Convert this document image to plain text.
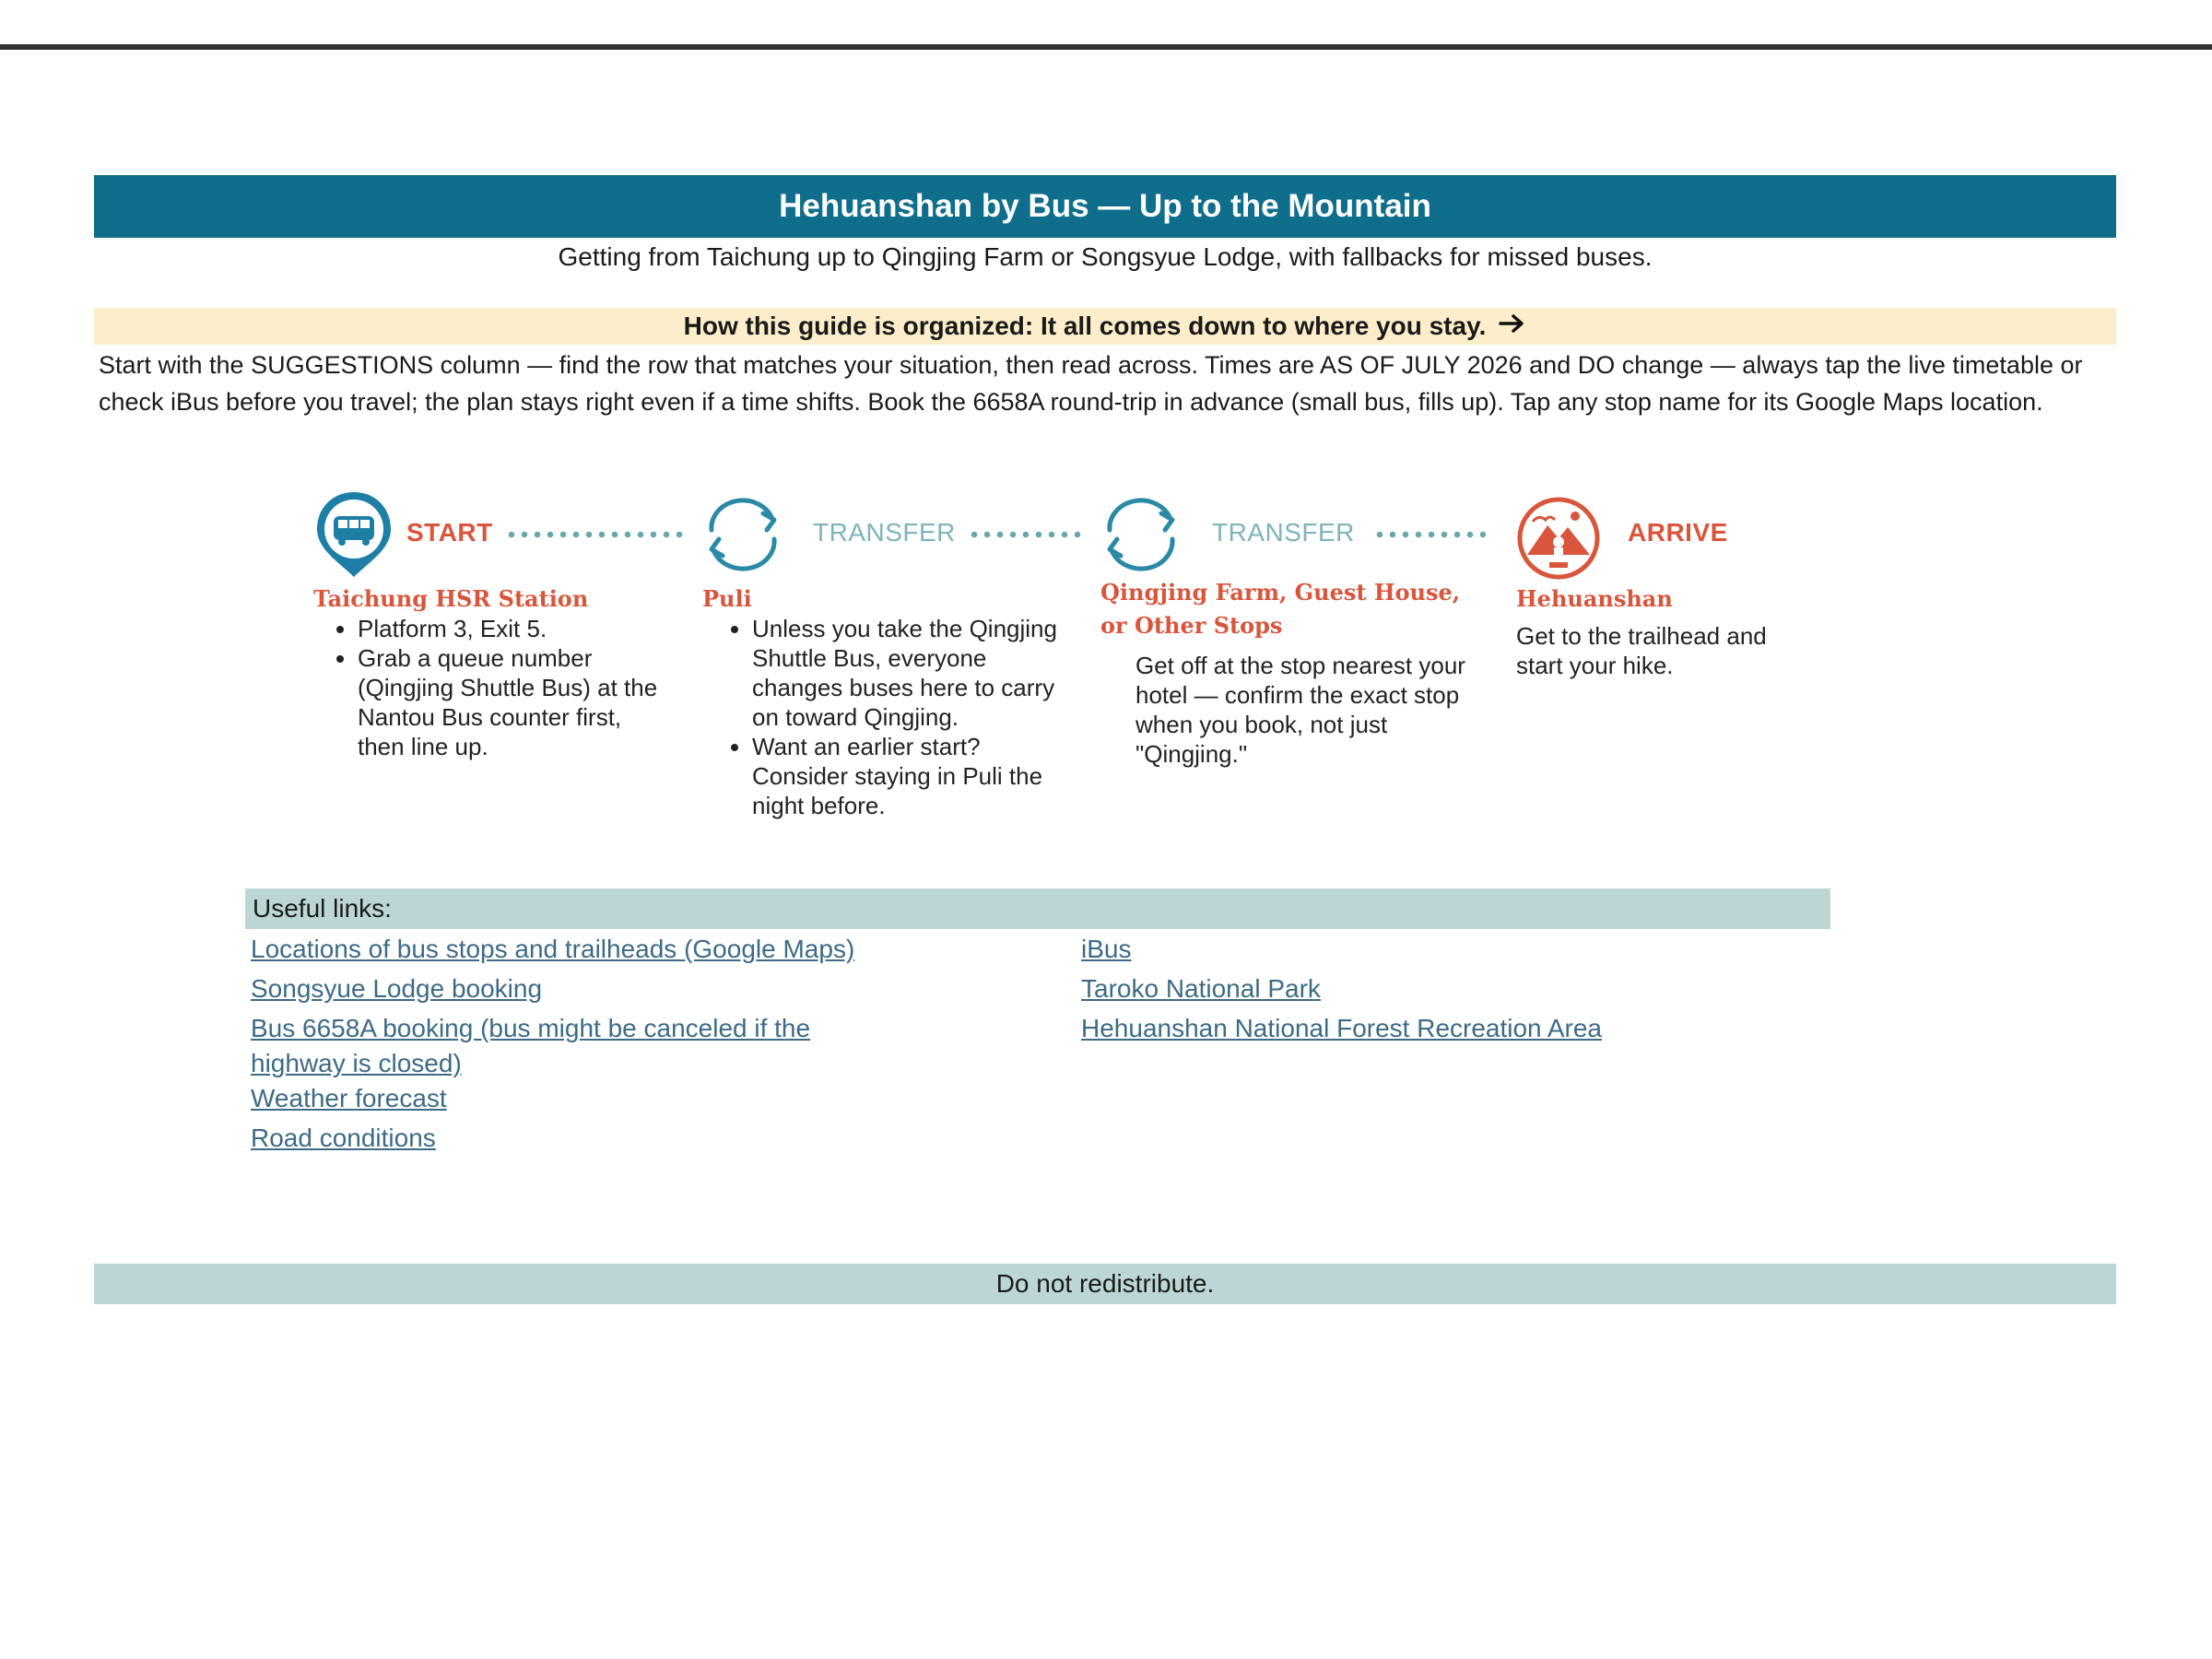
Hehuanshan by Bus — Up to the Mountain
Getting from Taichung up to Qingjing Farm or Songsyue Lodge, with fallbacks for missed buses.
How this guide is organized: It all comes down to where you stay.
Start with the SUGGESTIONS column — find the row that matches your situation, then read across. Times are AS OF JULY 2026 and DO change — always tap the live timetable or check iBus before you travel; the plan stays right even if a time shifts. Book the 6658A round-trip in advance (small bus, fills up). Tap any stop name for its Google Maps location.
START
Taichung HSR Station
• Platform 3, Exit 5.
• Grab a queue number (Qingjing Shuttle Bus) at the Nantou Bus counter first, then line up.
TRANSFER
Puli
• Unless you take the Qingjing Shuttle Bus, everyone changes buses here to carry on toward Qingjing.
• Want an earlier start? Consider staying in Puli the night before.
TRANSFER
Qingjing Farm, Guest House, or Other Stops

Get off at the stop nearest your hotel — confirm the exact stop when you book, not just "Qingjing."

ARRIVE
Hehuanshan

Get to the trailhead and start your hike.

Useful links:
Locations of bus stops and trailheads (Google Maps)
Songsyue Lodge booking
Bus 6658A booking (bus might be canceled if the
highway is closed)
Weather forecast
Road conditions
iBus
Taroko National Park
Hehuanshan National Forest Recreation Area
Do not redistribute.
